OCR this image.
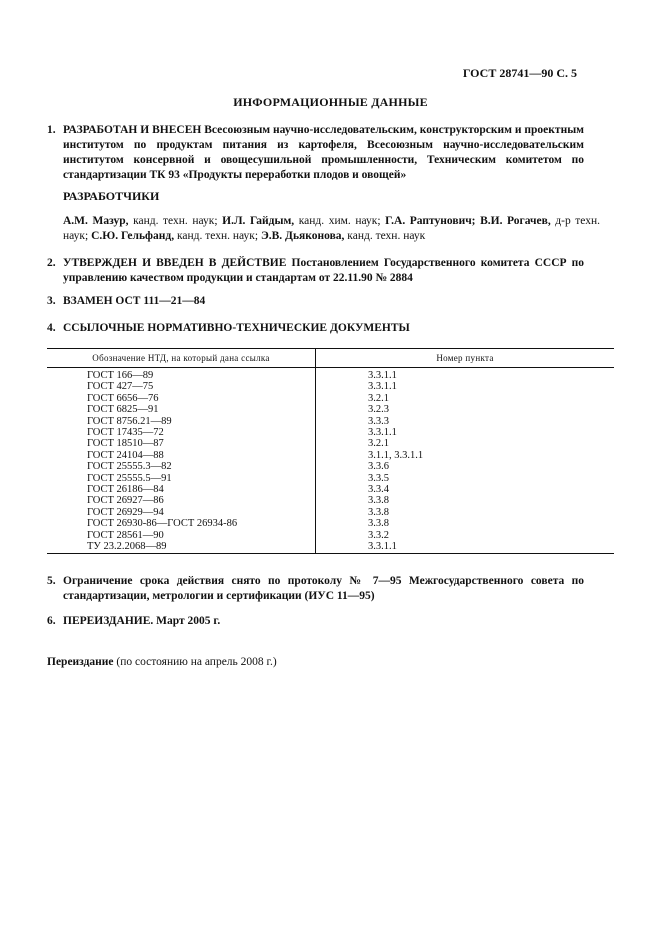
ГОСТ 28741—90 С. 5
ИНФОРМАЦИОННЫЕ ДАННЫЕ
1. РАЗРАБОТАН И ВНЕСЕН Всесоюзным научно-исследовательским, конструкторским и проектным институтом по продуктам питания из картофеля, Всесоюзным научно-исследовательским институтом консервной и овощесушильной промышленности, Техническим комитетом по стандартизации ТК 93 «Продукты переработки плодов и овощей»
РАЗРАБОТЧИКИ
А.М. Мазур, канд. техн. наук; И.Л. Гайдым, канд. хим. наук; Г.А. Раптунович; В.И. Рогачев, д-р техн. наук; С.Ю. Гельфанд, канд. техн. наук; Э.В. Дьяконова, канд. техн. наук
2. УТВЕРЖДЕН И ВВЕДЕН В ДЕЙСТВИЕ Постановлением Государственного комитета СССР по управлению качеством продукции и стандартам от 22.11.90 № 2884
3. ВЗАМЕН ОСТ 111—21—84
4. ССЫЛОЧНЫЕ НОРМАТИВНО-ТЕХНИЧЕСКИЕ ДОКУМЕНТЫ
Обозначение НТД, на который дана ссылка	Номер пункта
ГОСТ 166—89	3.3.1.1
ГОСТ 427—75	3.3.1.1
ГОСТ 6656—76	3.2.1
ГОСТ 6825—91	3.2.3
ГОСТ 8756.21—89	3.3.3
ГОСТ 17435—72	3.3.1.1
ГОСТ 18510—87	3.2.1
ГОСТ 24104—88	3.1.1, 3.3.1.1
ГОСТ 25555.3—82	3.3.6
ГОСТ 25555.5—91	3.3.5
ГОСТ 26186—84	3.3.4
ГОСТ 26927—86	3.3.8
ГОСТ 26929—94	3.3.8
ГОСТ 26930-86—ГОСТ 26934-86	3.3.8
ГОСТ 28561—90	3.3.2
ТУ 23.2.2068—89	3.3.1.1
5. Ограничение срока действия снято по протоколу № 7—95 Межгосударственного совета по стандартизации, метрологии и сертификации (ИУС 11—95)
6. ПЕРЕИЗДАНИЕ. Март 2005 г.
Переиздание (по состоянию на апрель 2008 г.)
